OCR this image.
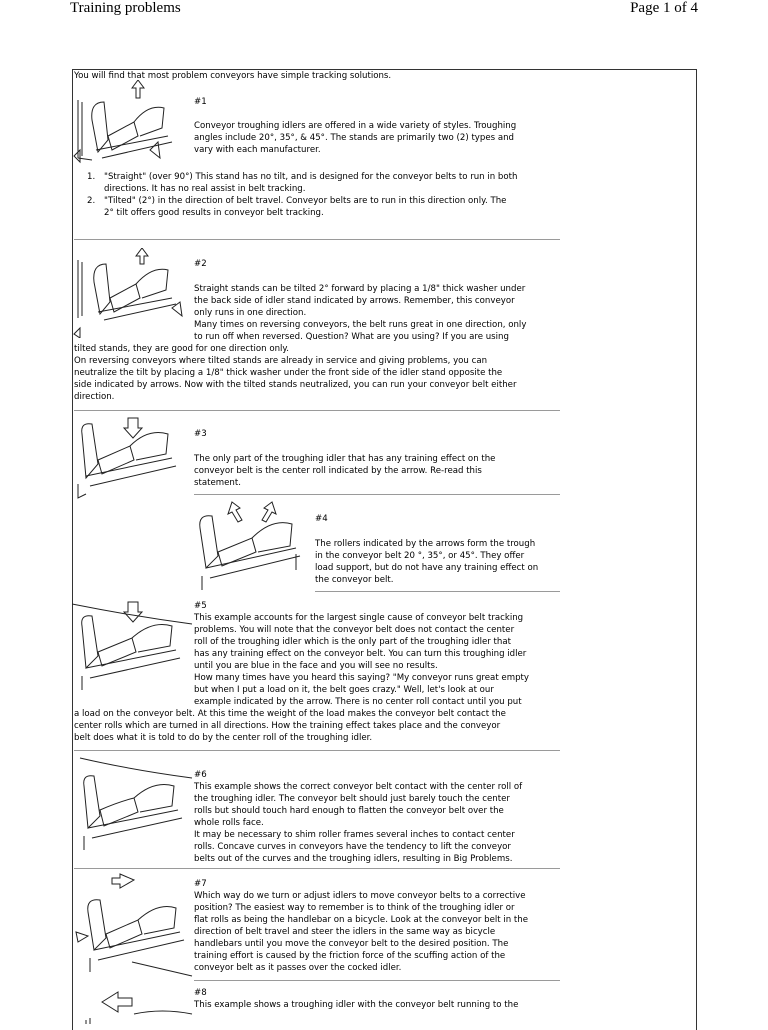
Training problems	Page 1 of 4
You will find that most problem conveyors have simple tracking solutions.
#1
Conveyor troughing idlers are offered in a wide variety of styles. Troughing
angles include 20°, 35°, & 45°. The stands are primarily two (2) types and
vary with each manufacturer.
1. "Straight" (over 90°) This stand has no tilt, and is designed for the conveyor belts to run in both
directions. It has no real assist in belt tracking.
2. "Tilted" (2°) in the direction of belt travel. Conveyor belts are to run in this direction only. The
2° tilt offers good results in conveyor belt tracking.
#2
Straight stands can be tilted 2° forward by placing a 1/8" thick washer under
the back side of idler stand indicated by arrows. Remember, this conveyor
only runs in one direction.
Many times on reversing conveyors, the belt runs great in one direction, only
to run off when reversed. Question? What are you using? If you are using
tilted stands, they are good for one direction only.
On reversing conveyors where tilted stands are already in service and giving problems, you can
neutralize the tilt by placing a 1/8" thick washer under the front side of the idler stand opposite the
side indicated by arrows. Now with the tilted stands neutralized, you can run your conveyor belt either
direction.
#3
The only part of the troughing idler that has any training effect on the
conveyor belt is the center roll indicated by the arrow. Re-read this
statement.
#4
The rollers indicated by the arrows form the trough
in the conveyor belt 20 °, 35°, or 45°. They offer
load support, but do not have any training effect on
the conveyor belt.
#5
This example accounts for the largest single cause of conveyor belt tracking
problems. You will note that the conveyor belt does not contact the center
roll of the troughing idler which is the only part of the troughing idler that
has any training effect on the conveyor belt. You can turn this troughing idler
until you are blue in the face and you will see no results.
How many times have you heard this saying? "My conveyor runs great empty
but when I put a load on it, the belt goes crazy." Well, let's look at our
example indicated by the arrow. There is no center roll contact until you put
a load on the conveyor belt. At this time the weight of the load makes the conveyor belt contact the
center rolls which are turned in all directions. How the training effect takes place and the conveyor
belt does what it is told to do by the center roll of the troughing idler.
#6
This example shows the correct conveyor belt contact with the center roll of
the troughing idler. The conveyor belt should just barely touch the center
rolls but should touch hard enough to flatten the conveyor belt over the
whole rolls face.
It may be necessary to shim roller frames several inches to contact center
rolls. Concave curves in conveyors have the tendency to lift the conveyor
belts out of the curves and the troughing idlers, resulting in Big Problems.
#7
Which way do we turn or adjust idlers to move conveyor belts to a corrective
position? The easiest way to remember is to think of the troughing idler or
flat rolls as being the handlebar on a bicycle. Look at the conveyor belt in the
direction of belt travel and steer the idlers in the same way as bicycle
handlebars until you move the conveyor belt to the desired position. The
training effort is caused by the friction force of the scuffing action of the
conveyor belt as it passes over the cocked idler.
#8
This example shows a troughing idler with the conveyor belt running to the
